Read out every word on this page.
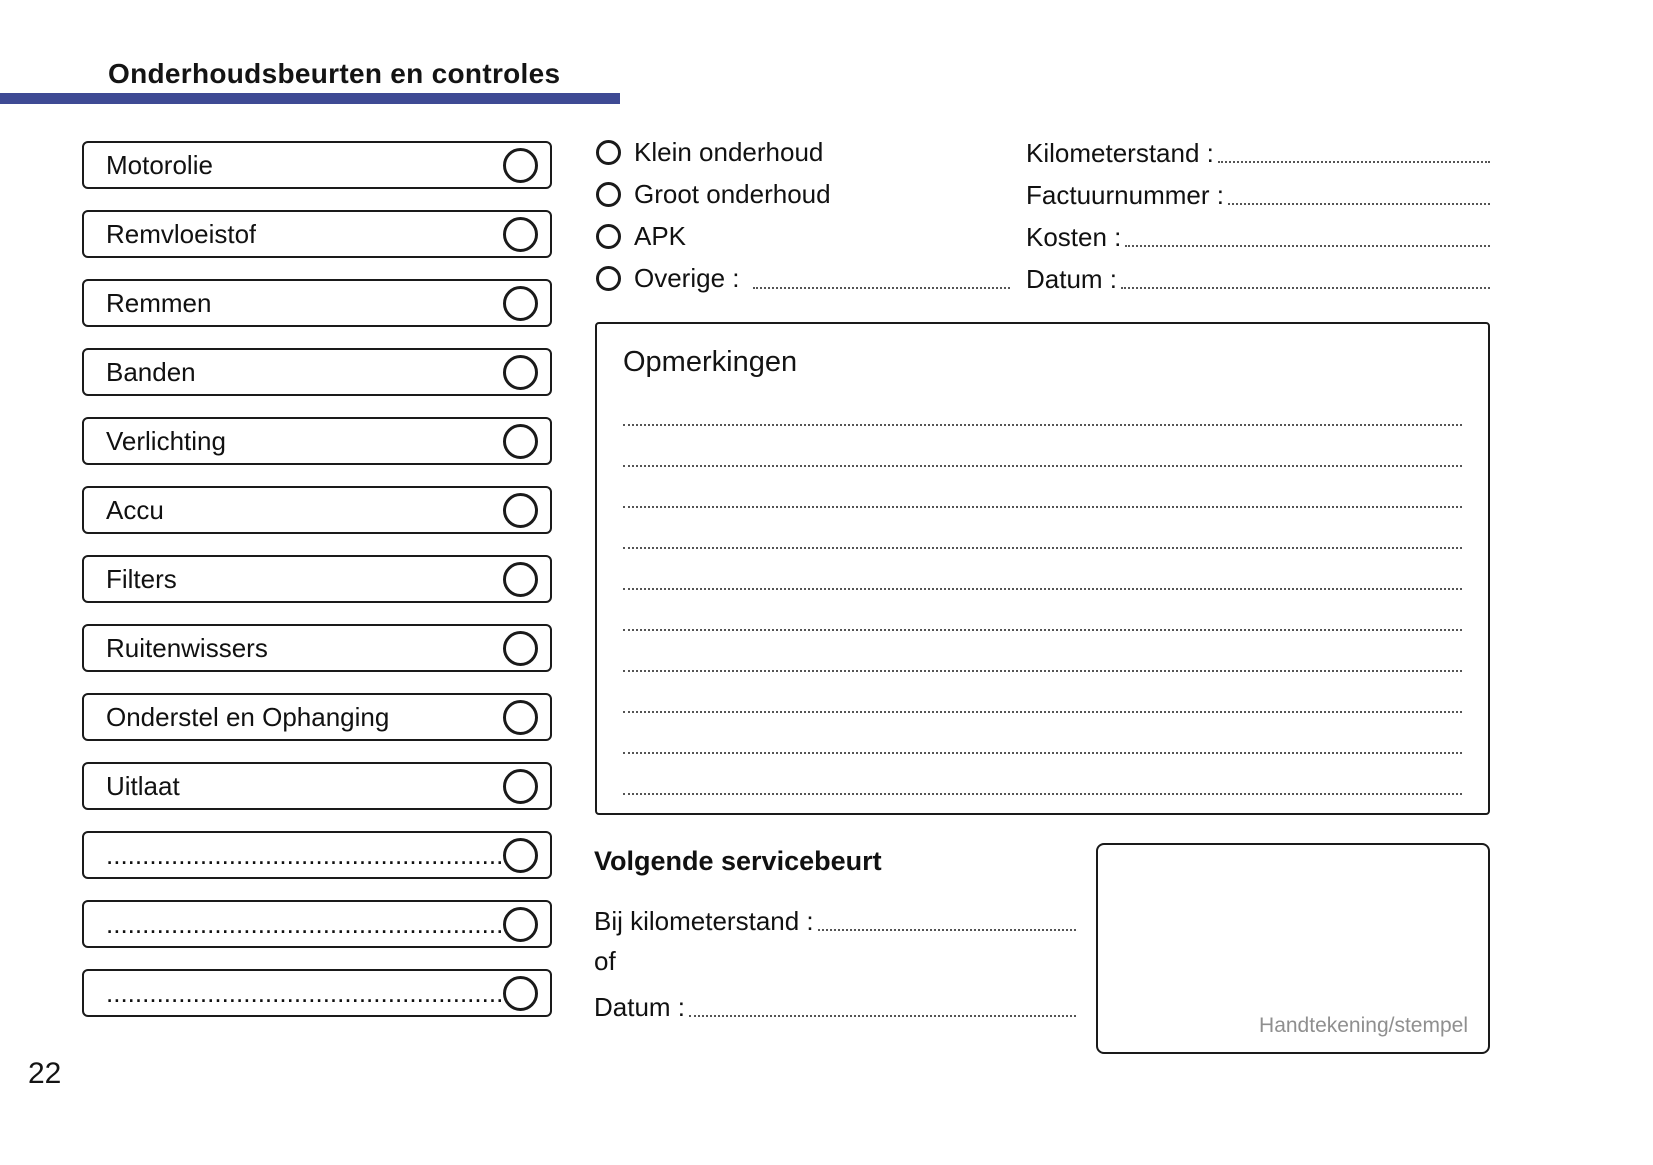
Onderhoudsbeurten en controles
Motorolie
Remvloeistof
Remmen
Banden
Verlichting
Accu
Filters
Ruitenwissers
Onderstel en Ophanging
Uitlaat
.......................................................
.......................................................
.......................................................
Klein onderhoud
Groot onderhoud
APK
Overige :
Kilometerstand :
Factuurnummer :
Kosten :
Datum :
Opmerkingen
Volgende servicebeurt
Bij kilometerstand :
of
Datum :
Handtekening/stempel
22
